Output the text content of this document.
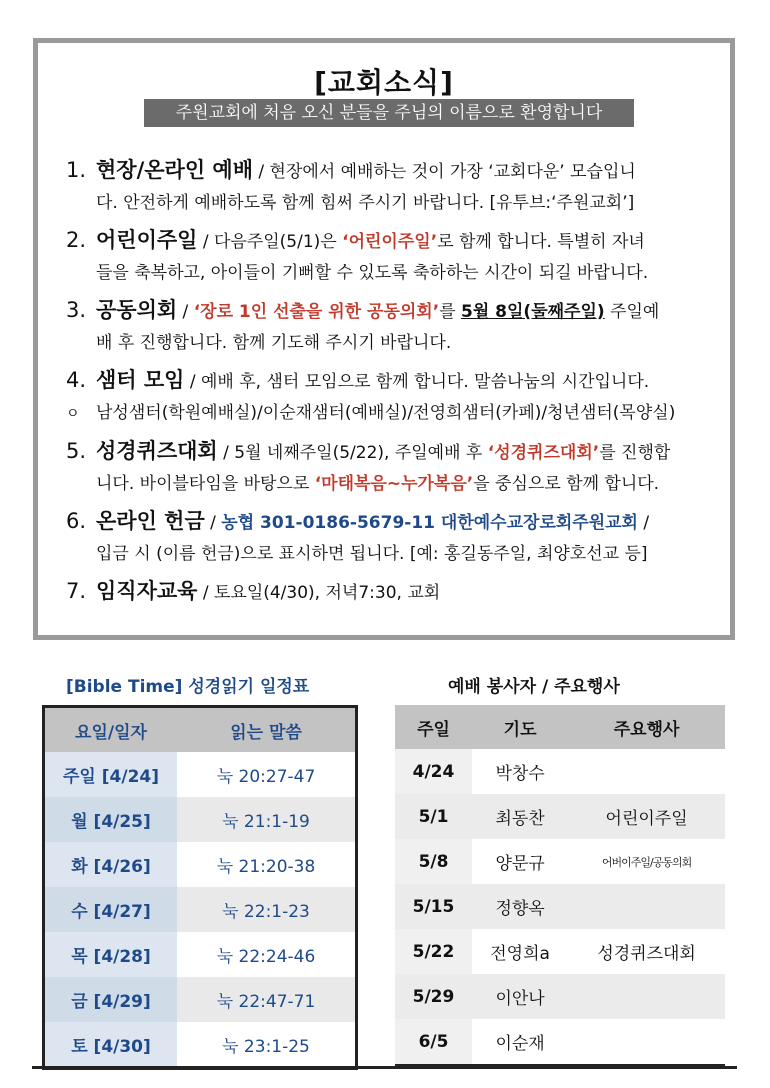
[교회소식]
주원교회에 처음 오신 분들을 주님의 이름으로 환영합니다
1. 현장/온라인 예배 / 현장에서 예배하는 것이 가장 ‘교회다운’ 모습입니
다. 안전하게 예배하도록 함께 힘써 주시기 바랍니다. [유투브:‘주원교회’]
2. 어린이주일 / 다음주일(5/1)은 ‘어린이주일’로 함께 합니다. 특별히 자녀
들을 축복하고, 아이들이 기뻐할 수 있도록 축하하는 시간이 되길 바랍니다.
3. 공동의회 / ‘장로 1인 선출을 위한 공동의회’를 5월 8일(둘째주일) 주일예
배 후 진행합니다. 함께 기도해 주시기 바랍니다.
4. 샘터 모임 / 예배 후, 샘터 모임으로 함께 합니다. 말씀나눔의 시간입니다.
ㅇ 남성샘터(학원예배실)/이순재샘터(예배실)/전영희샘터(카페)/청년샘터(목양실)
5. 성경퀴즈대회 / 5월 네째주일(5/22), 주일예배 후 ‘성경퀴즈대회’를 진행합
니다. 바이블타임을 바탕으로 ‘마태복음~누가복음’을 중심으로 함께 합니다.
6. 온라인 헌금 / 농협 301-0186-5679-11 대한예수교장로회주원교회 /
입금 시 (이름 헌금)으로 표시하면 됩니다. [예: 홍길동주일, 최양호선교 등]
7. 임직자교육 / 토요일(4/30), 저녁7:30, 교회
[Bible Time] 성경읽기 일정표
요일/일자	읽는 말씀
주일 [4/24]	눅 20:27-47
월 [4/25]	눅 21:1-19
화 [4/26]	눅 21:20-38
수 [4/27]	눅 22:1-23
목 [4/28]	눅 22:24-46
금 [4/29]	눅 22:47-71
토 [4/30]	눅 23:1-25
예배 봉사자 / 주요행사
주일	기도	주요행사
4/24	박창수	
5/1	최동찬	어린이주일
5/8	양문규	어버이주일/공동의회
5/15	정향옥	
5/22	전영희a	성경퀴즈대회
5/29	이안나	
6/5	이순재	
